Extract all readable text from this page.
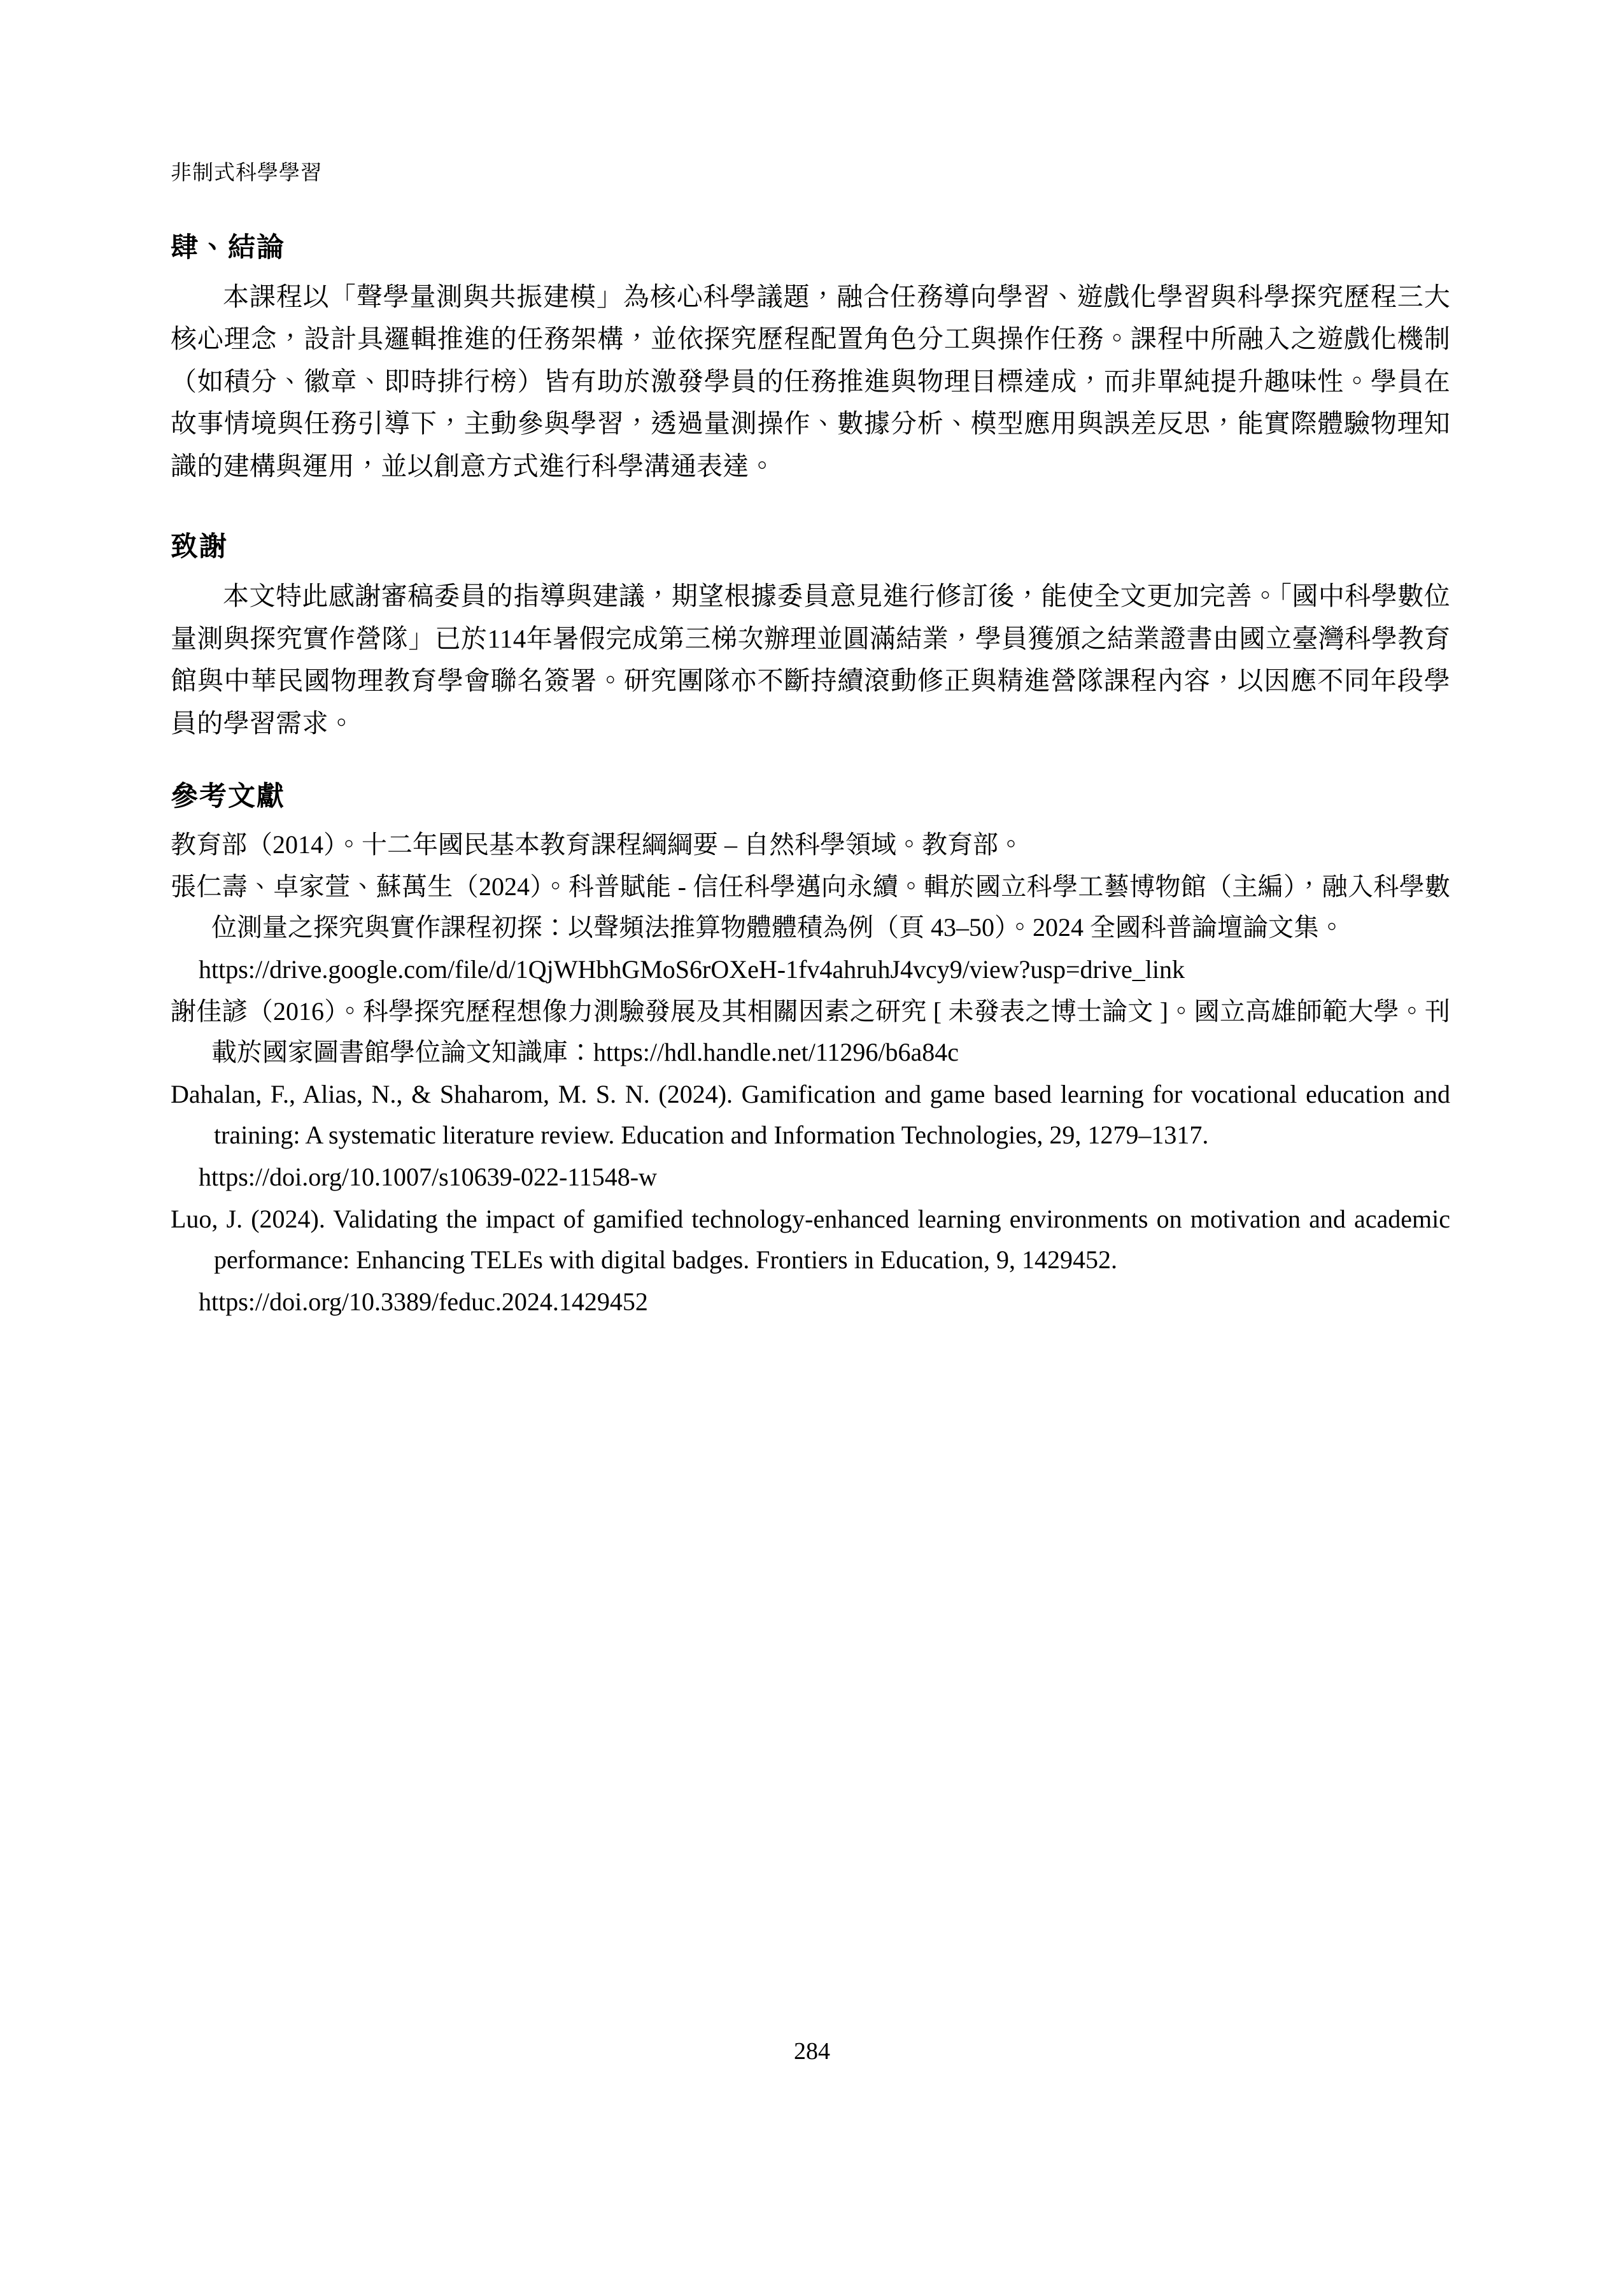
非制式科學學習
肆、結論

本課程以「聲學量測與共振建模」為核心科學議題，融合任務導向學習、遊戲化學習與科學探究歷程三大核心理念，設計具邏輯推進的任務架構，並依探究歷程配置角色分工與操作任務。課程中所融入之遊戲化機制（如積分、徽章、即時排行榜）皆有助於激發學員的任務推進與物理目標達成，而非單純提升趣味性。學員在故事情境與任務引導下，主動參與學習，透過量測操作、數據分析、模型應用與誤差反思，能實際體驗物理知識的建構與運用，並以創意方式進行科學溝通表達。

致謝

本文特此感謝審稿委員的指導與建議，期望根據委員意見進行修訂後，能使全文更加完善。「國中科學數位量測與探究實作營隊」已於114年暑假完成第三梯次辦理並圓滿結業，學員獲頒之結業證書由國立臺灣科學教育館與中華民國物理教育學會聯名簽署。研究團隊亦不斷持續滾動修正與精進營隊課程內容，以因應不同年段學員的學習需求。

參考文獻

教育部（2014）。十二年國民基本教育課程綱綱要 – 自然科學領域。教育部。

張仁壽、卓家萱、蘇萬生（2024）。科普賦能 - 信任科學邁向永續。輯於國立科學工藝博物館（主編），融入科學數位測量之探究與實作課程初探：以聲頻法推算物體體積為例（頁 43–50）。2024 全國科普論壇論文集。

https://drive.google.com/file/d/1QjWHbhGMoS6rOXeH-1fv4ahruhJ4vcy9/view?usp=drive_link

謝佳諺（2016）。科學探究歷程想像力測驗發展及其相關因素之研究 [ 未發表之博士論文 ]。國立高雄師範大學。刊載於國家圖書館學位論文知識庫：https://hdl.handle.net/11296/b6a84c

Dahalan, F., Alias, N., & Shaharom, M. S. N. (2024). Gamification and game based learning for vocational education and training: A systematic literature review. Education and Information Technologies, 29, 1279–1317.

https://doi.org/10.1007/s10639-022-11548-w

Luo, J. (2024). Validating the impact of gamified technology-enhanced learning environments on motivation and academic performance: Enhancing TELEs with digital badges. Frontiers in Education, 9, 1429452.

https://doi.org/10.3389/feduc.2024.1429452

284
